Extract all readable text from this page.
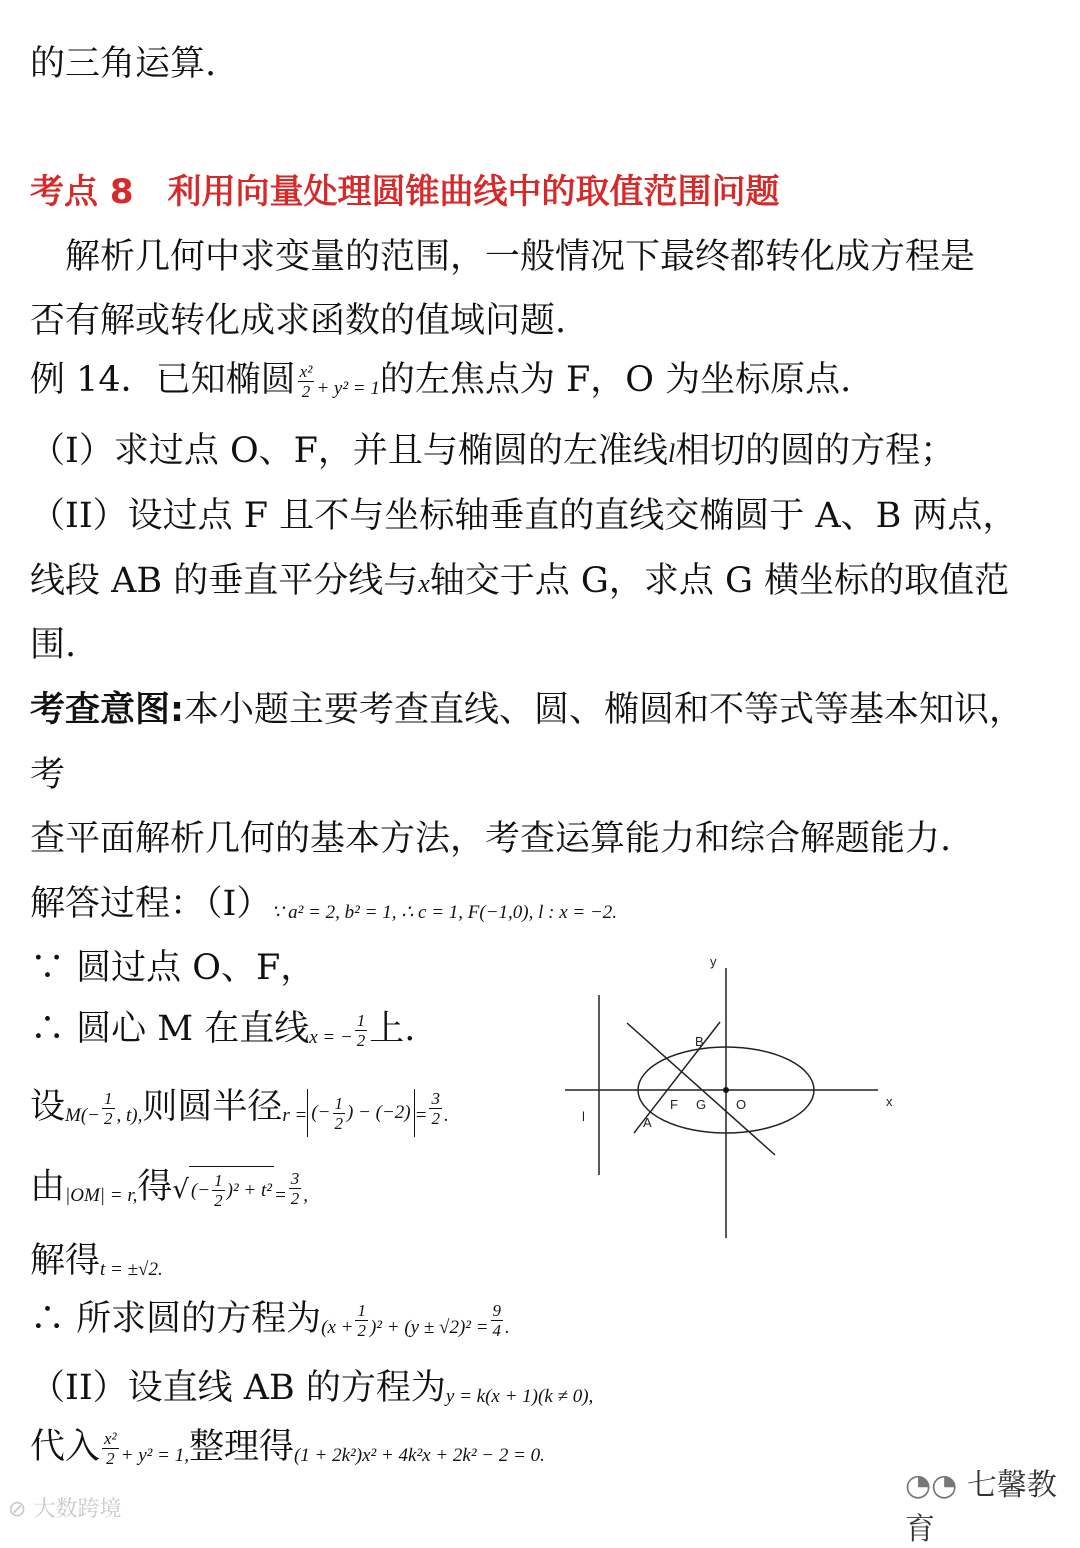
的三角运算.
考点 8　利用向量处理圆锥曲线中的取值范围问题
　解析几何中求变量的范围，一般情况下最终都转化成方程是
否有解或转化成求函数的值域问题.
例 14．已知椭圆 $\frac{\text{x²}}{2} + y^2 = 1$的左焦点为 F，O 为坐标原点.
（I）求过点 O、F，并且与椭圆的左准线l相切的圆的方程；
（II）设过点 F 且不与坐标轴垂直的直线交椭圆于 A、B 两点，
线段 AB 的垂直平分线与x轴交于点 G，求点 G 横坐标的取值范
围.
考查意图:本小题主要考查直线、圆、椭圆和不等式等基本知识，
考
查平面解析几何的基本方法，考查运算能力和综合解题能力.
解答过程：（I）∵ a² = 2, b² = 1, ∴ c = 1, F(−1,0), l : x = −2.
∵ 圆过点 O、F，
∴ 圆心 M 在直线x = − $\frac{1}{2}$ 上.
设$M(- \frac{1}{2}$ , t),则圆半径r = (− $\frac{1}{2}$ ) − $(-2) = \frac{3}{2}$ .
由|OM| = r,得 √ (− $\frac{1}{2} )^2 + t^2 = \frac{3}{2}$ ,
解得t = ±√2.
∴ 所求圆的方程为$(x + \frac{1}{2} )^2 + (y \pm √2)^2 = \frac{9}{4}$ .
（II）设直线 AB 的方程为y = k(x + 1)(k ≠ 0),
代入 $\frac{\text{x²}}{2} + y^2 = 1$,整理得(1 + 2k²)x² + 4k²x + 2k² − 2 = 0.
y
x
l
B
A
F G O
⊘ 大数跨境
◔◔ 七馨教育
